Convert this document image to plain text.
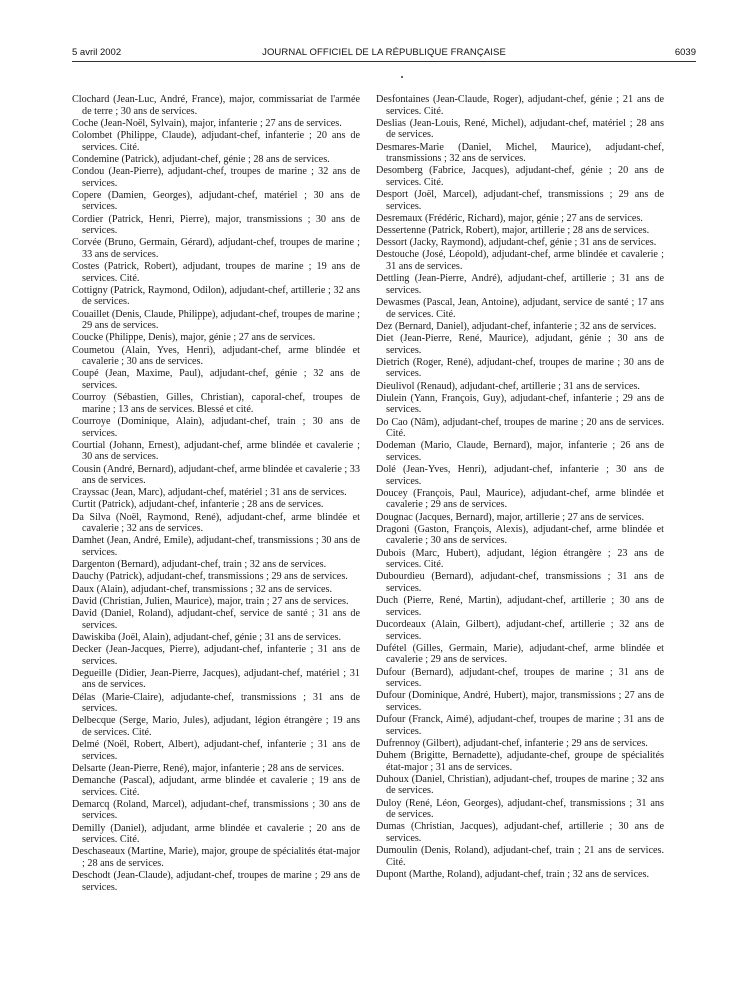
5 avril 2002	JOURNAL OFFICIEL DE LA RÉPUBLIQUE FRANÇAISE	6039

Clochard (Jean-Luc, André, France), major, commissariat de l'armée de terre ; 30 ans de services.

Coche (Jean-Noël, Sylvain), major, infanterie ; 27 ans de services.

Colombet (Philippe, Claude), adjudant-chef, infanterie ; 20 ans de services. Cité.

Condemine (Patrick), adjudant-chef, génie ; 28 ans de services.

Condou (Jean-Pierre), adjudant-chef, troupes de marine ; 32 ans de services.

Copere (Damien, Georges), adjudant-chef, matériel ; 30 ans de services.

Cordier (Patrick, Henri, Pierre), major, transmissions ; 30 ans de services.

Corvée (Bruno, Germain, Gérard), adjudant-chef, troupes de marine ; 33 ans de services.

Costes (Patrick, Robert), adjudant, troupes de marine ; 19 ans de services. Cité.

Cottigny (Patrick, Raymond, Odilon), adjudant-chef, artillerie ; 32 ans de services.

Couaillet (Denis, Claude, Philippe), adjudant-chef, troupes de marine ; 29 ans de services.

Coucke (Philippe, Denis), major, génie ; 27 ans de services.

Coumetou (Alain, Yves, Henri), adjudant-chef, arme blindée et cavalerie ; 30 ans de services.

Coupé (Jean, Maxime, Paul), adjudant-chef, génie ; 32 ans de services.

Courroy (Sébastien, Gilles, Christian), caporal-chef, troupes de marine ; 13 ans de services. Blessé et cité.

Courroye (Dominique, Alain), adjudant-chef, train ; 30 ans de services.

Courtial (Johann, Ernest), adjudant-chef, arme blindée et cavalerie ; 30 ans de services.

Cousin (André, Bernard), adjudant-chef, arme blindée et cavalerie ; 33 ans de services.

Crayssac (Jean, Marc), adjudant-chef, matériel ; 31 ans de services.

Curtit (Patrick), adjudant-chef, infanterie ; 28 ans de services.

Da Silva (Noël, Raymond, René), adjudant-chef, arme blindée et cavalerie ; 32 ans de services.

Damhet (Jean, André, Emile), adjudant-chef, transmissions ; 30 ans de services.

Dargenton (Bernard), adjudant-chef, train ; 32 ans de services.

Dauchy (Patrick), adjudant-chef, transmissions ; 29 ans de services.

Daux (Alain), adjudant-chef, transmissions ; 32 ans de services.

David (Christian, Julien, Maurice), major, train ; 27 ans de services.

David (Daniel, Roland), adjudant-chef, service de santé ; 31 ans de services.

Dawiskiba (Joël, Alain), adjudant-chef, génie ; 31 ans de services.

Decker (Jean-Jacques, Pierre), adjudant-chef, infanterie ; 31 ans de services.

Degueille (Didier, Jean-Pierre, Jacques), adjudant-chef, matériel ; 31 ans de services.

Délas (Marie-Claire), adjudante-chef, transmissions ; 31 ans de services.

Delbecque (Serge, Mario, Jules), adjudant, légion étrangère ; 19 ans de services. Cité.

Delmé (Noël, Robert, Albert), adjudant-chef, infanterie ; 31 ans de services.

Delsarte (Jean-Pierre, René), major, infanterie ; 28 ans de services.

Demanche (Pascal), adjudant, arme blindée et cavalerie ; 19 ans de services. Cité.

Demarcq (Roland, Marcel), adjudant-chef, transmissions ; 30 ans de services.

Demilly (Daniel), adjudant, arme blindée et cavalerie ; 20 ans de services. Cité.

Deschaseaux (Martine, Marie), major, groupe de spécialités état-major ; 28 ans de services.

Deschodt (Jean-Claude), adjudant-chef, troupes de marine ; 29 ans de services.

Desfontaines (Jean-Claude, Roger), adjudant-chef, génie ; 21 ans de services. Cité.

Deslias (Jean-Louis, René, Michel), adjudant-chef, matériel ; 28 ans de services.

Desmares-Marie (Daniel, Michel, Maurice), adjudant-chef, transmissions ; 32 ans de services.

Desomberg (Fabrice, Jacques), adjudant-chef, génie ; 20 ans de services. Cité.

Desport (Joël, Marcel), adjudant-chef, transmissions ; 29 ans de services.

Desremaux (Frédéric, Richard), major, génie ; 27 ans de services.

Dessertenne (Patrick, Robert), major, artillerie ; 28 ans de services.

Dessort (Jacky, Raymond), adjudant-chef, génie ; 31 ans de services.

Destouche (José, Léopold), adjudant-chef, arme blindée et cavalerie ; 31 ans de services.

Dettling (Jean-Pierre, André), adjudant-chef, artillerie ; 31 ans de services.

Dewasmes (Pascal, Jean, Antoine), adjudant, service de santé ; 17 ans de services. Cité.

Dez (Bernard, Daniel), adjudant-chef, infanterie ; 32 ans de services.

Diet (Jean-Pierre, René, Maurice), adjudant, génie ; 30 ans de services.

Dietrich (Roger, René), adjudant-chef, troupes de marine ; 30 ans de services.

Dieulivol (Renaud), adjudant-chef, artillerie ; 31 ans de services.

Diulein (Yann, François, Guy), adjudant-chef, infanterie ; 29 ans de services.

Do Cao (Nâm), adjudant-chef, troupes de marine ; 20 ans de services. Cité.

Dodeman (Mario, Claude, Bernard), major, infanterie ; 26 ans de services.

Dolé (Jean-Yves, Henri), adjudant-chef, infanterie ; 30 ans de services.

Doucey (François, Paul, Maurice), adjudant-chef, arme blindée et cavalerie ; 29 ans de services.

Dougnac (Jacques, Bernard), major, artillerie ; 27 ans de services.

Dragoni (Gaston, François, Alexis), adjudant-chef, arme blindée et cavalerie ; 30 ans de services.

Dubois (Marc, Hubert), adjudant, légion étrangère ; 23 ans de services. Cité.

Dubourdieu (Bernard), adjudant-chef, transmissions ; 31 ans de services.

Duch (Pierre, René, Martin), adjudant-chef, artillerie ; 30 ans de services.

Ducordeaux (Alain, Gilbert), adjudant-chef, artillerie ; 32 ans de services.

Dufétel (Gilles, Germain, Marie), adjudant-chef, arme blindée et cavalerie ; 29 ans de services.

Dufour (Bernard), adjudant-chef, troupes de marine ; 31 ans de services.

Dufour (Dominique, André, Hubert), major, transmissions ; 27 ans de services.

Dufour (Franck, Aimé), adjudant-chef, troupes de marine ; 31 ans de services.

Dufrennoy (Gilbert), adjudant-chef, infanterie ; 29 ans de services.

Duhem (Brigitte, Bernadette), adjudante-chef, groupe de spécialités état-major ; 31 ans de services.

Duhoux (Daniel, Christian), adjudant-chef, troupes de marine ; 32 ans de services.

Duloy (René, Léon, Georges), adjudant-chef, transmissions ; 31 ans de services.

Dumas (Christian, Jacques), adjudant-chef, artillerie ; 30 ans de services.

Dumoulin (Denis, Roland), adjudant-chef, train ; 21 ans de services. Cité.

Dupont (Marthe, Roland), adjudant-chef, train ; 32 ans de services.
